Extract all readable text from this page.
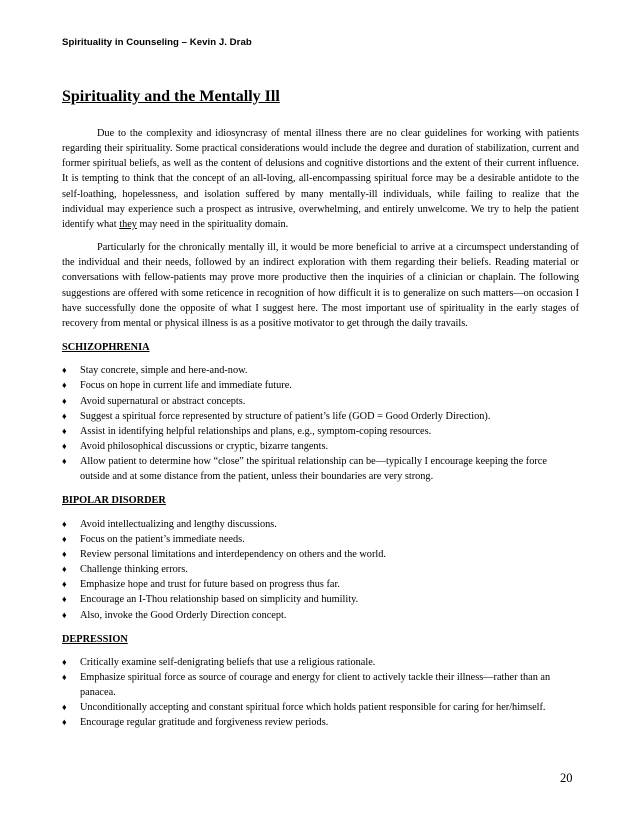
Spirituality in Counseling – Kevin J. Drab
Spirituality and the Mentally Ill

Due to the complexity and idiosyncrasy of mental illness there are no clear guidelines for working with patients regarding their spirituality. Some practical considerations would include the degree and duration of stabilization, current and former spiritual beliefs, as well as the content of delusions and cognitive distortions and the extent of their current influence. It is tempting to think that the concept of an all-loving, all-encompassing spiritual force may be a desirable antidote to the self-loathing, hopelessness, and isolation suffered by many mentally-ill individuals, while failing to realize that the individual may experience such a prospect as intrusive, overwhelming, and entirely unwelcome. We try to help the patient identify what they may need in the spirituality domain.

Particularly for the chronically mentally ill, it would be more beneficial to arrive at a circumspect understanding of the individual and their needs, followed by an indirect exploration with them regarding their beliefs. Reading material or conversations with fellow-patients may prove more productive then the inquiries of a clinician or chaplain. The following suggestions are offered with some reticence in recognition of how difficult it is to generalize on such matters—on occasion I have successfully done the opposite of what I suggest here. The most important use of spirituality in the early stages of recovery from mental or physical illness is as a positive motivator to get through the daily travails.

SCHIZOPHRENIA
♦ Stay concrete, simple and here-and-now.
♦ Focus on hope in current life and immediate future.
♦ Avoid supernatural or abstract concepts.
♦ Suggest a spiritual force represented by structure of patient’s life (GOD = Good Orderly Direction).
♦ Assist in identifying helpful relationships and plans, e.g., symptom-coping resources.
♦ Avoid philosophical discussions or cryptic, bizarre tangents.
♦ Allow patient to determine how “close” the spiritual relationship can be—typically I encourage keeping the force outside and at some distance from the patient, unless their boundaries are very strong.
BIPOLAR DISORDER
♦ Avoid intellectualizing and lengthy discussions.
♦ Focus on the patient’s immediate needs.
♦ Review personal limitations and interdependency on others and the world.
♦ Challenge thinking errors.
♦ Emphasize hope and trust for future based on progress thus far.
♦ Encourage an I-Thou relationship based on simplicity and humility.
♦ Also, invoke the Good Orderly Direction concept.
DEPRESSION
♦ Critically examine self-denigrating beliefs that use a religious rationale.
♦ Emphasize spiritual force as source of courage and energy for client to actively tackle their illness—rather than an panacea.
♦ Unconditionally accepting and constant spiritual force which holds patient responsible for caring for her/himself.
♦ Encourage regular gratitude and forgiveness review periods.
20
